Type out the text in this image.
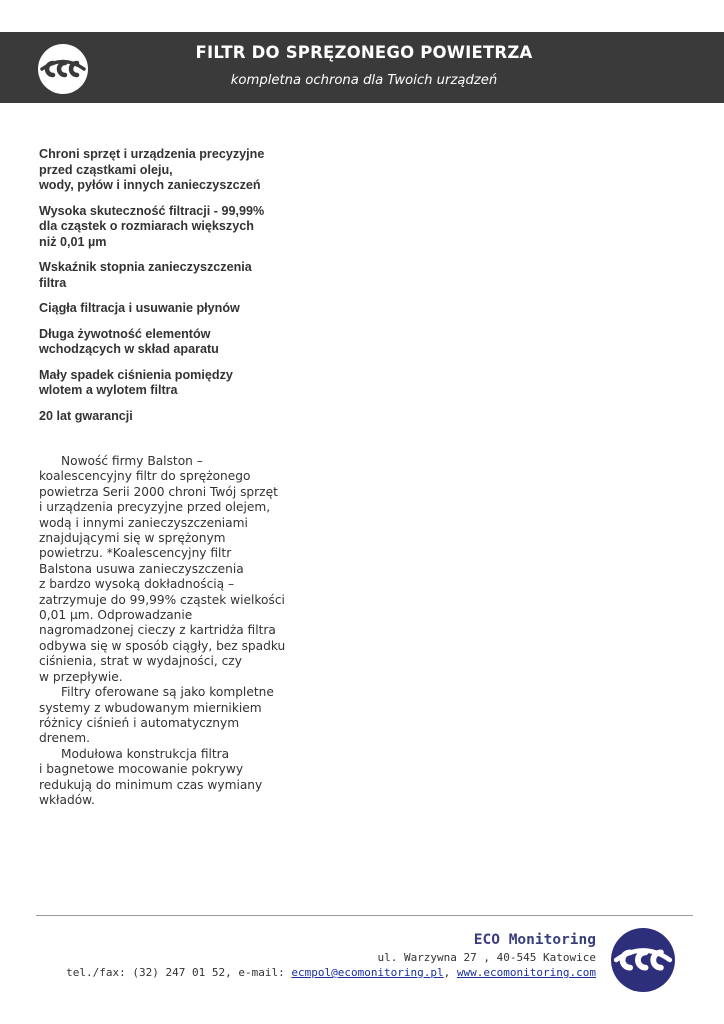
FILTR DO SPRĘZONEGO POWIETRZA
kompletna ochrona dla Twoich urządzeń
Chroni sprzęt i urządzenia precyzyjne
przed cząstkami oleju,
wody, pyłów i innych zanieczyszczeń
Wysoka skuteczność filtracji - 99,99%
dla cząstek o rozmiarach większych
niż 0,01 µm
Wskaźnik stopnia zanieczyszczenia
filtra
Ciągła filtracja i usuwanie płynów
Długa żywotność elementów
wchodzących w skład aparatu
Mały spadek ciśnienia pomiędzy
wlotem a wylotem filtra
20 lat gwarancji

Nowość firmy Balston –
koalescencyjny filtr do sprężonego
powietrza Serii 2000 chroni Twój sprzęt
i urządzenia precyzyjne przed olejem,
wodą i innymi zanieczyszczeniami
znajdującymi się w sprężonym
powietrzu. *Koalescencyjny filtr
Balstona usuwa zanieczyszczenia
z bardzo wysoką dokładnością –
zatrzymuje do 99,99% cząstek wielkości
0,01 µm. Odprowadzanie
nagromadzonej cieczy z kartridża filtra
odbywa się w sposób ciągły, bez spadku
ciśnienia, strat w wydajności, czy
w przepływie.

Filtry oferowane są jako kompletne
systemy z wbudowanym miernikiem
różnicy ciśnień i automatycznym
drenem.

Modułowa konstrukcja filtra
i bagnetowe mocowanie pokrywy
redukują do minimum czas wymiany
wkładów.

ECO Monitoring
ul. Warzywna 27 , 40-545 Katowice
tel./fax: (32) 247 01 52, e-mail: ecmpol@ecomonitoring.pl, www.ecomonitoring.com
